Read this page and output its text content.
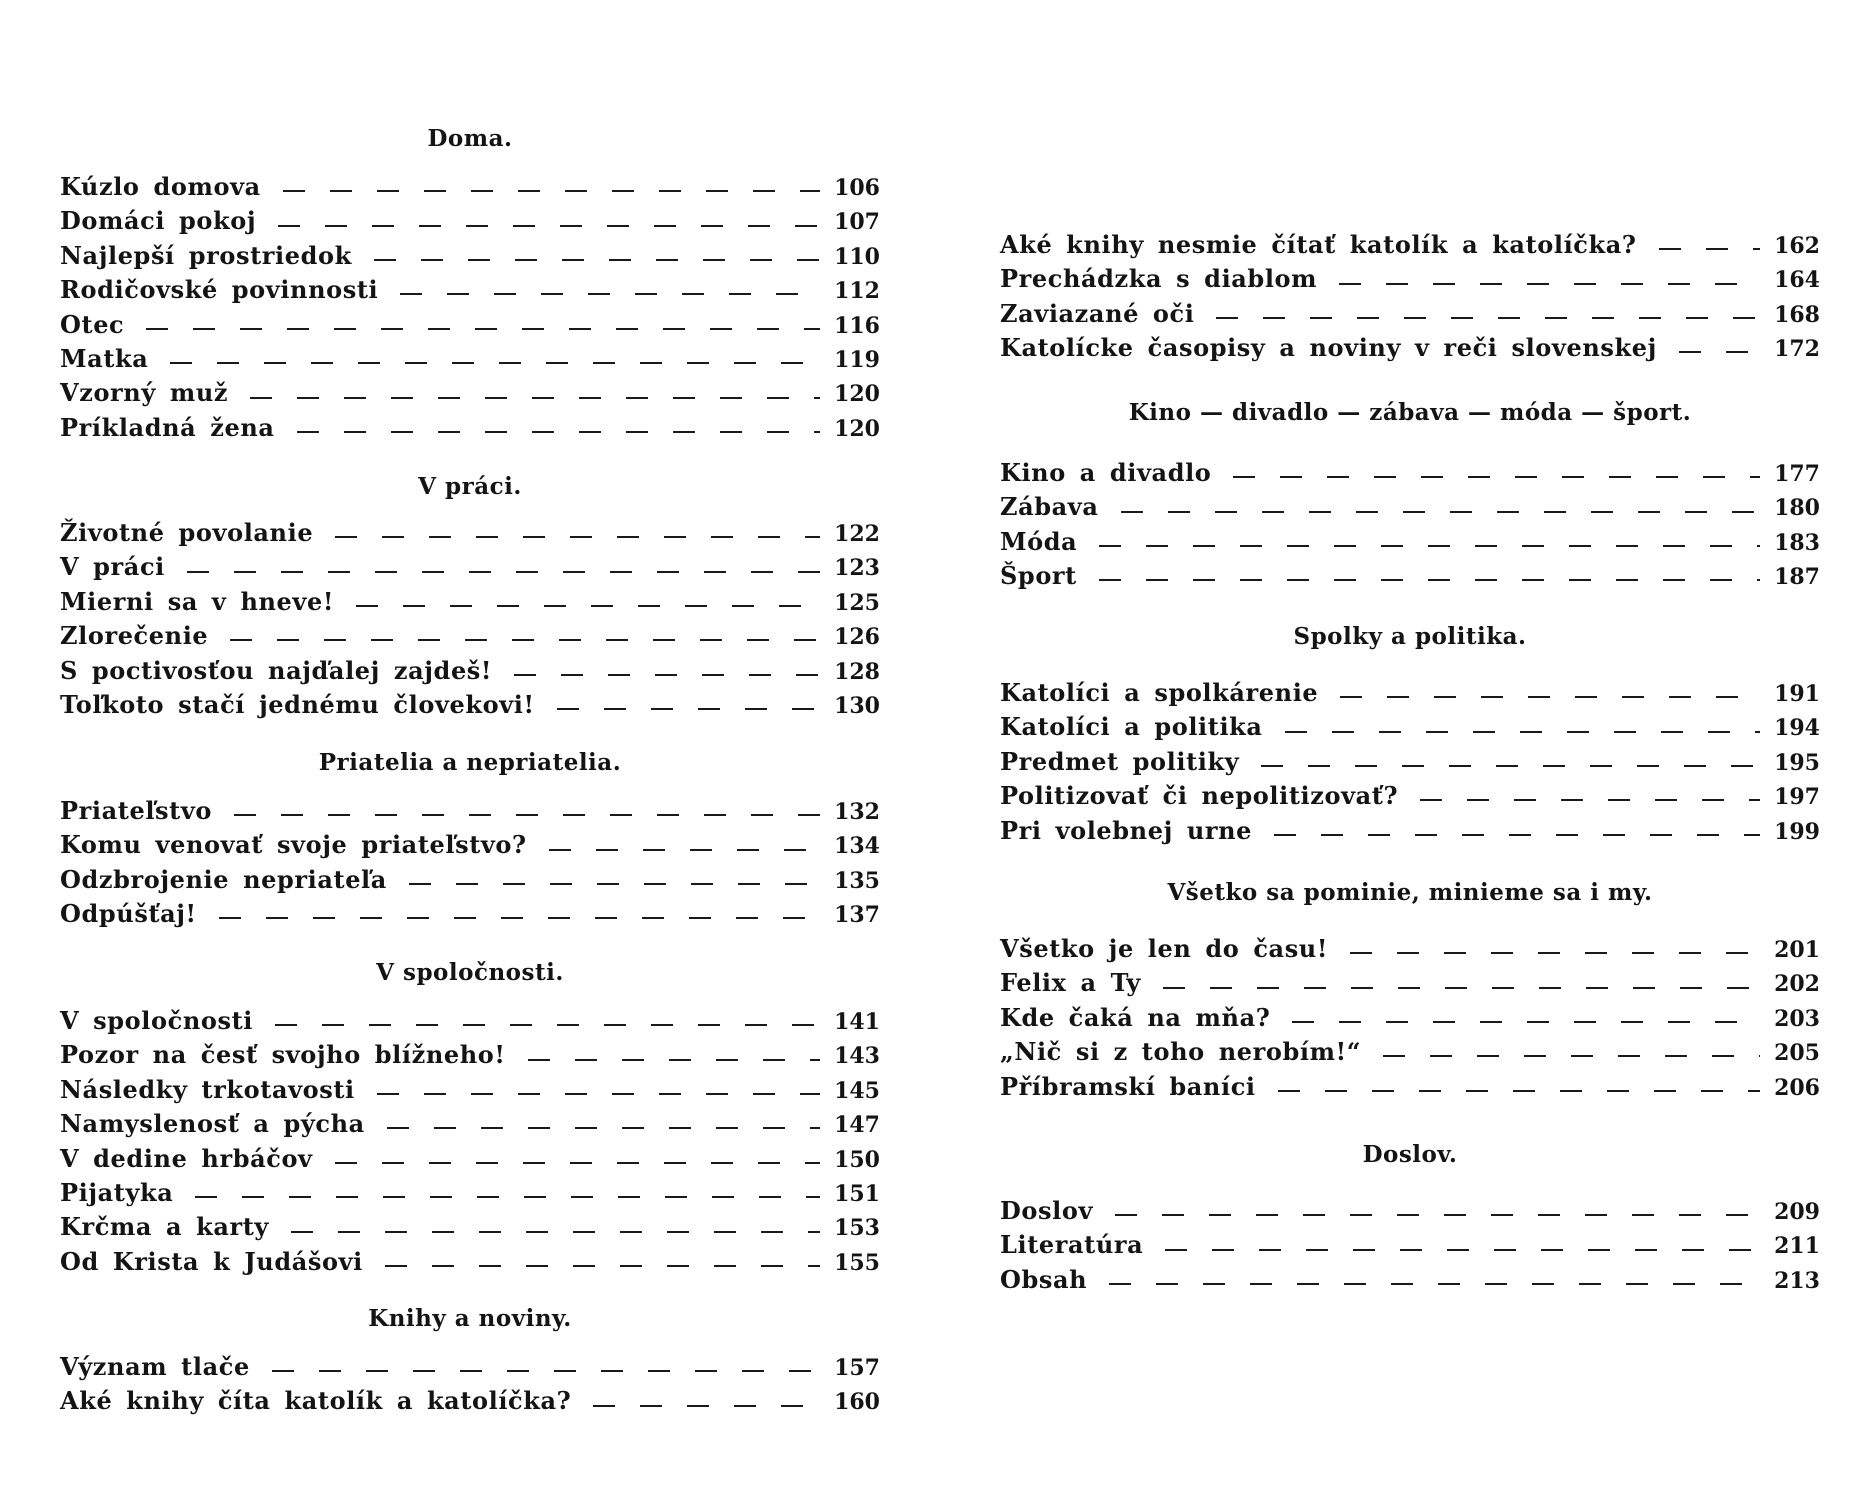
Doma.
Kúzlo domova	106
Domáci pokoj	107
Najlepší prostriedok	110
Rodičovské povinnosti	112
Otec	116
Matka	119
Vzorný muž	120
Príkladná žena	120
V práci.
Životné povolanie	122
V práci	123
Mierni sa v hneve!	125
Zlorečenie	126
S poctivosťou najďalej zajdeš!	128
Toľkoto stačí jednému človekovi!	130
Priatelia a nepriatelia.
Priateľstvo	132
Komu venovať svoje priateľstvo?	134
Odzbrojenie nepriateľa	135
Odpúšťaj!	137
V spoločnosti.
V spoločnosti	141
Pozor na česť svojho blížneho!	143
Následky trkotavosti	145
Namyslenosť a pýcha	147
V dedine hrbáčov	150
Pijatyka	151
Krčma a karty	153
Od Krista k Judášovi	155
Knihy a noviny.
Význam tlače	157
Aké knihy číta katolík a katolíčka?	160
Aké knihy nesmie čítať katolík a katolíčka?	162
Prechádzka s diablom	164
Zaviazané oči	168
Katolícke časopisy a noviny v reči slovenskej	172
Kino — divadlo — zábava — móda — šport.
Kino a divadlo	177
Zábava	180
Móda	183
Šport	187
Spolky a politika.
Katolíci a spolkárenie	191
Katolíci a politika	194
Predmet politiky	195
Politizovať či nepolitizovať?	197
Pri volebnej urne	199
Všetko sa pominie, minieme sa i my.
Všetko je len do času!	201
Felix a Ty	202
Kde čaká na mňa?	203
„Nič si z toho nerobím!“	205
Příbramskí baníci	206
Doslov.
Doslov	209
Literatúra	211
Obsah	213
